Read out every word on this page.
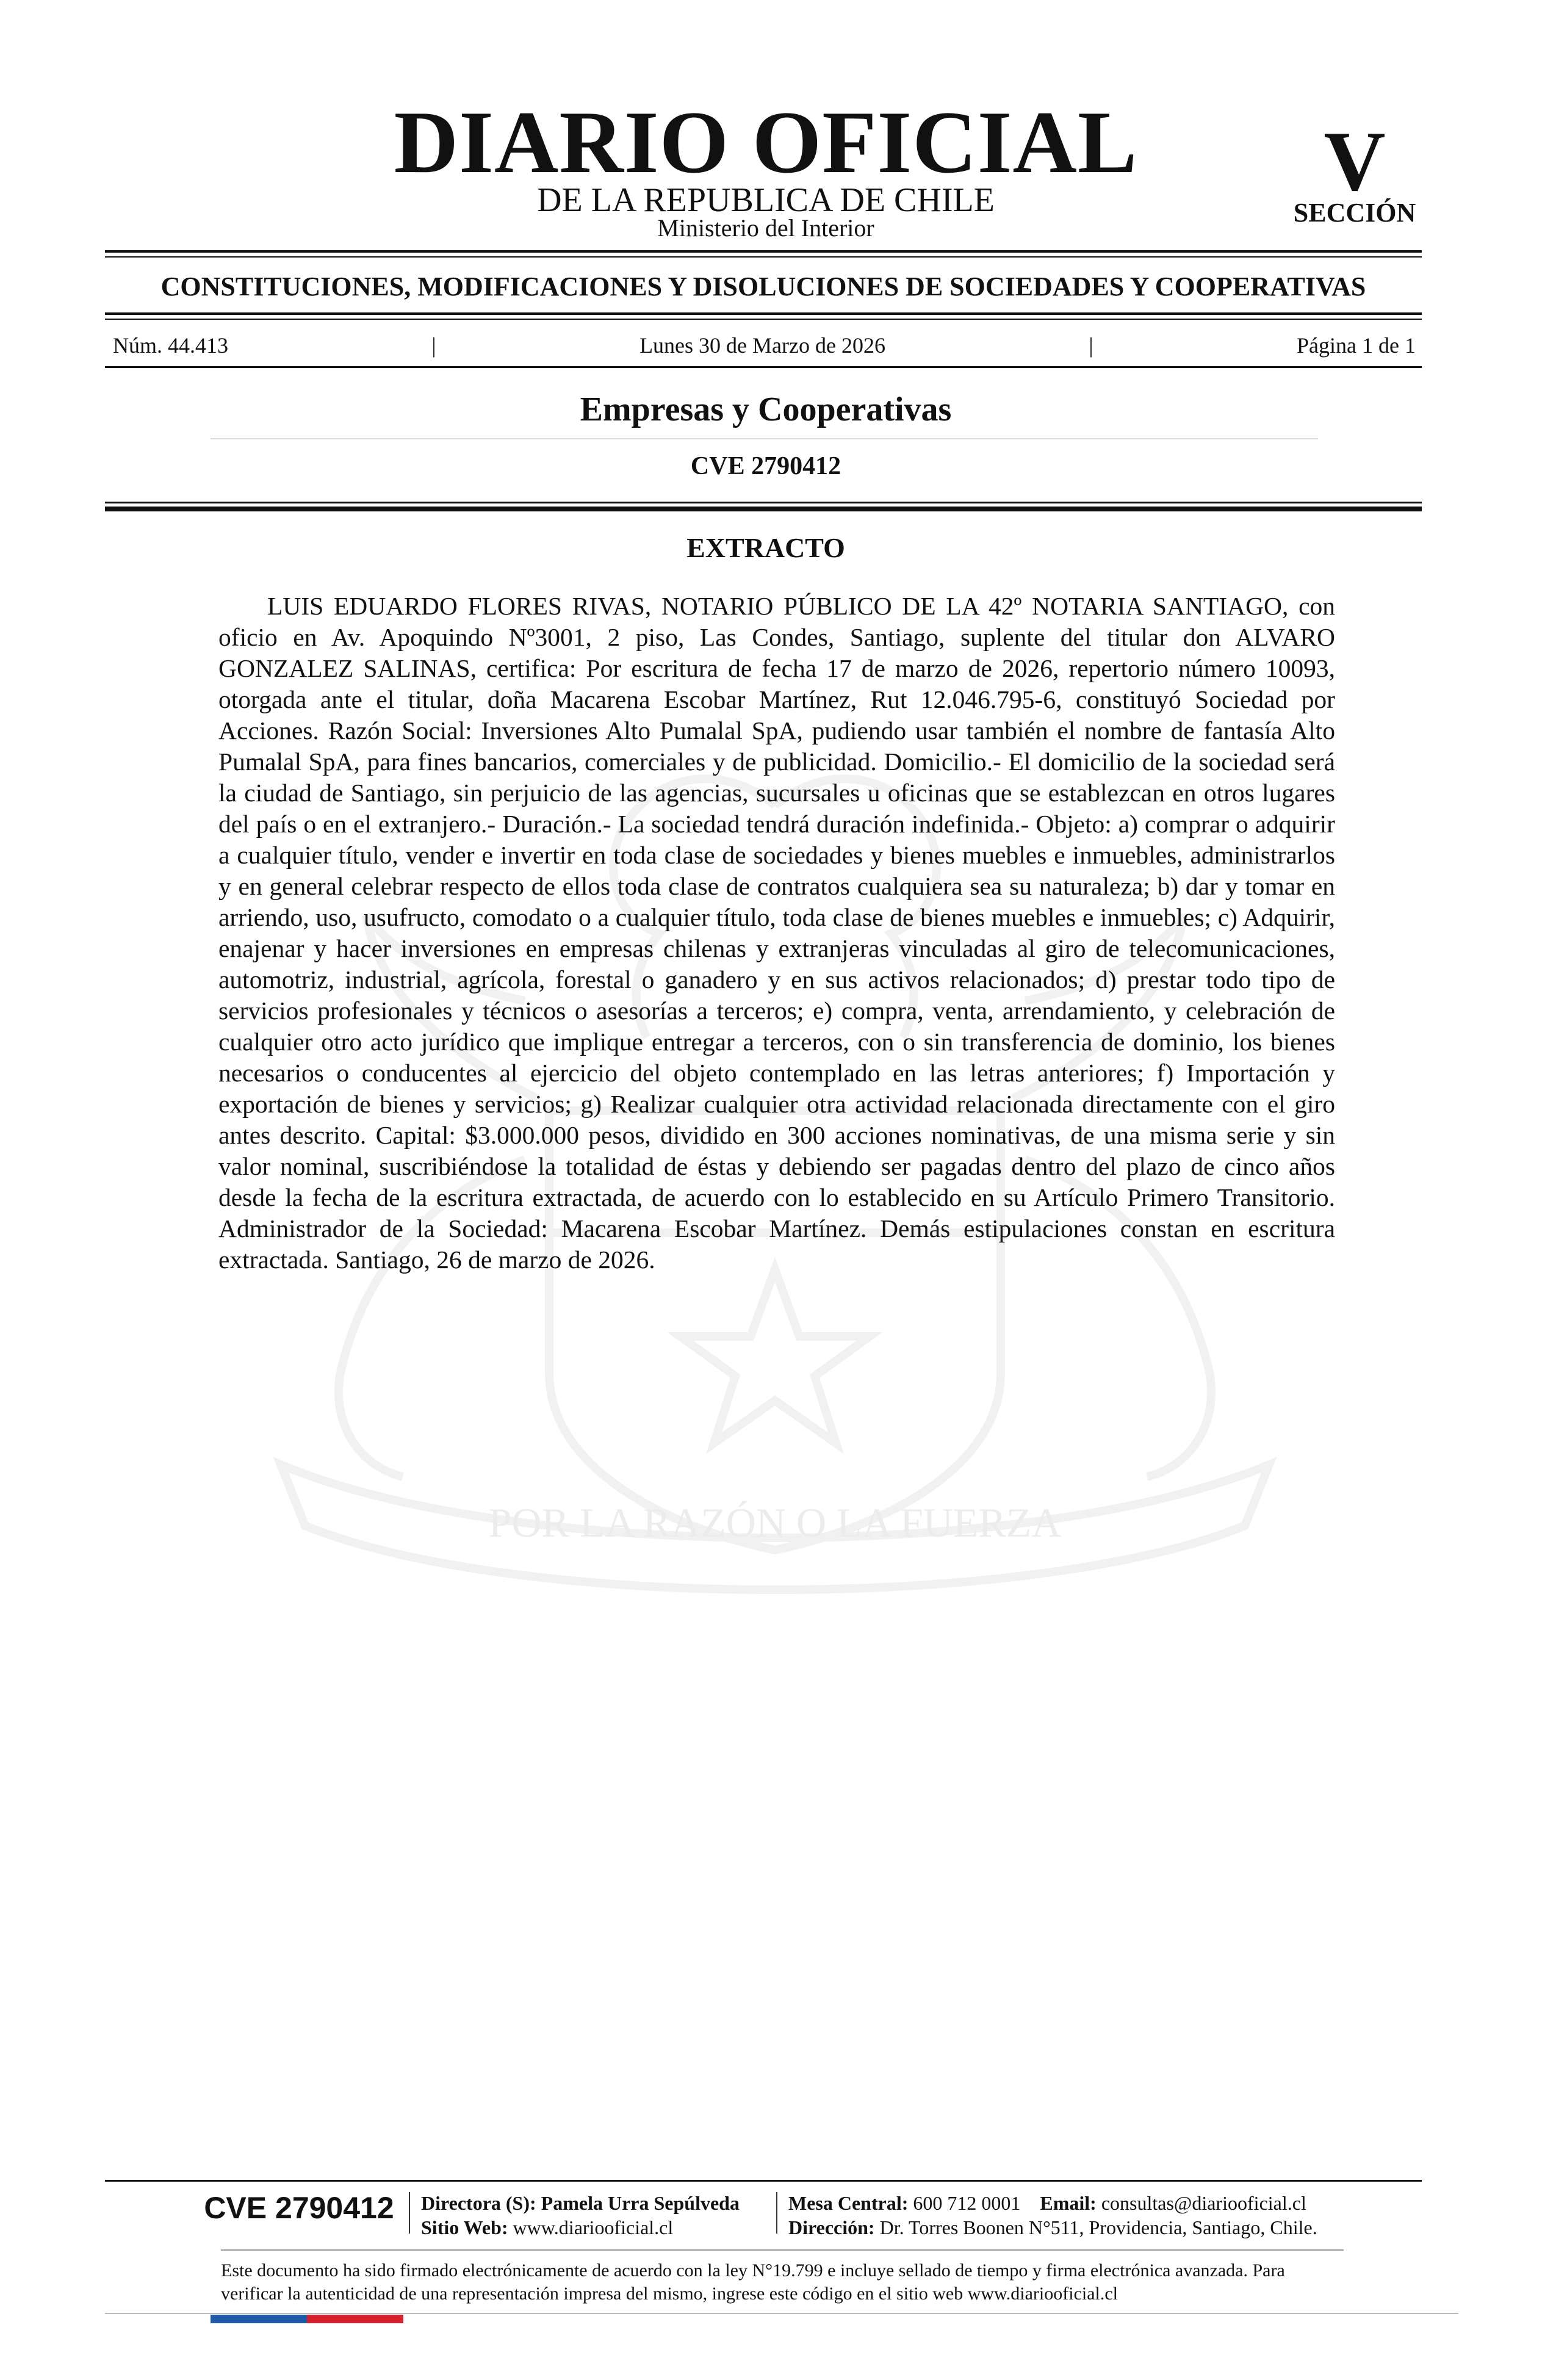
DIARIO OFICIAL
DE LA REPUBLICA DE CHILE
Ministerio del Interior
V
SECCIÓN
CONSTITUCIONES, MODIFICACIONES Y DISOLUCIONES DE SOCIEDADES Y COOPERATIVAS
Núm. 44.413	|	Lunes 30 de Marzo de 2026	|	Página 1 de 1
Empresas y Cooperativas
CVE 2790412
POR LA RAZÓN O LA FUERZA
EXTRACTO

LUIS EDUARDO FLORES RIVAS, NOTARIO PÚBLICO DE LA 42º NOTARIA SANTIAGO, con oficio en Av. Apoquindo Nº3001, 2 piso, Las Condes, Santiago, suplente del titular don ALVARO GONZALEZ SALINAS, certifica: Por escritura de fecha 17 de marzo de 2026, repertorio número 10093, otorgada ante el titular, doña Macarena Escobar Martínez, Rut 12.046.795-6, constituyó Sociedad por Acciones. Razón Social: Inversiones Alto Pumalal SpA, pudiendo usar también el nombre de fantasía Alto Pumalal SpA, para fines bancarios, comerciales y de publicidad. Domicilio.- El domicilio de la sociedad será la ciudad de Santiago, sin perjuicio de las agencias, sucursales u oficinas que se establezcan en otros lugares del país o en el extranjero.- Duración.- La sociedad tendrá duración indefinida.- Objeto: a) comprar o adquirir a cualquier título, vender e invertir en toda clase de sociedades y bienes muebles e inmuebles, administrarlos y en general celebrar respecto de ellos toda clase de contratos cualquiera sea su naturaleza; b) dar y tomar en arriendo, uso, usufructo, comodato o a cualquier título, toda clase de bienes muebles e inmuebles; c) Adquirir, enajenar y hacer inversiones en empresas chilenas y extranjeras vinculadas al giro de telecomunicaciones, automotriz, industrial, agrícola, forestal o ganadero y en sus activos relacionados; d) prestar todo tipo de servicios profesionales y técnicos o asesorías a terceros; e) compra, venta, arrendamiento, y celebración de cualquier otro acto jurídico que implique entregar a terceros, con o sin transferencia de dominio, los bienes necesarios o conducentes al ejercicio del objeto contemplado en las letras anteriores; f) Importación y exportación de bienes y servicios; g) Realizar cualquier otra actividad relacionada directamente con el giro antes descrito. Capital: $3.000.000 pesos, dividido en 300 acciones nominativas, de una misma serie y sin valor nominal, suscribiéndose la totalidad de éstas y debiendo ser pagadas dentro del plazo de cinco años desde la fecha de la escritura extractada, de acuerdo con lo establecido en su Artículo Primero Transitorio. Administrador de la Sociedad: Macarena Escobar Martínez. Demás estipulaciones constan en escritura extractada. Santiago, 26 de marzo de 2026.

CVE 2790412	Directora (S): Pamela Urra Sepúlveda
Sitio Web: www.diariooficial.cl
Mesa Central: 600 712 0001 Email: consultas@diariooficial.cl
Dirección: Dr. Torres Boonen N°511, Providencia, Santiago, Chile.
Este documento ha sido firmado electrónicamente de acuerdo con la ley N°19.799 e incluye sellado de tiempo y firma electrónica avanzada. Para verificar la autenticidad de una representación impresa del mismo, ingrese este código en el sitio web www.diariooficial.cl
